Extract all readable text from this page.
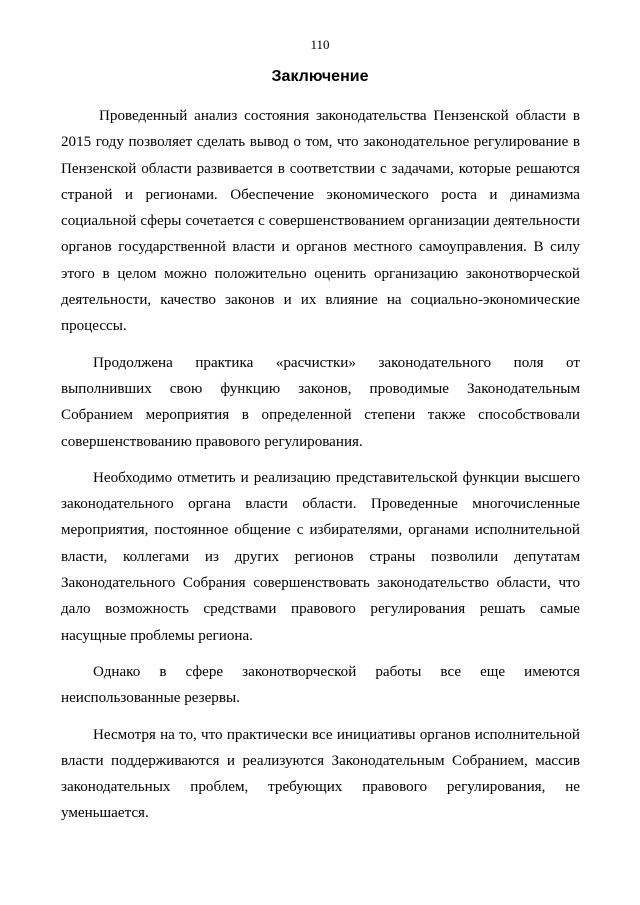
110
Заключение

Проведенный анализ состояния законодательства Пензенской области в 2015 году позволяет сделать вывод о том, что законодательное регулирование в Пензенской области развивается в соответствии с задачами, которые решаются страной и регионами. Обеспечение экономического роста и динамизма социальной сферы сочетается с совершенствованием организации деятельности органов государственной власти и органов местного самоуправления. В силу этого в целом можно положительно оценить организацию законотворческой деятельности, качество законов и их влияние на социально-экономические процессы.

Продолжена практика «расчистки» законодательного поля от выполнивших свою функцию законов, проводимые Законодательным Собранием мероприятия в определенной степени также способствовали совершенствованию правового регулирования.

Необходимо отметить и реализацию представительской функции высшего законодательного органа власти области. Проведенные многочисленные мероприятия, постоянное общение с избирателями, органами исполнительной власти, коллегами из других регионов страны позволили депутатам Законодательного Собрания совершенствовать законодательство области, что дало возможность средствами правового регулирования решать самые насущные проблемы региона.

Однако в сфере законотворческой работы все еще имеются неиспользованные резервы.

Несмотря на то, что практически все инициативы органов исполнительной власти поддерживаются и реализуются Законодательным Собранием, массив законодательных проблем, требующих правового регулирования, не уменьшается.
